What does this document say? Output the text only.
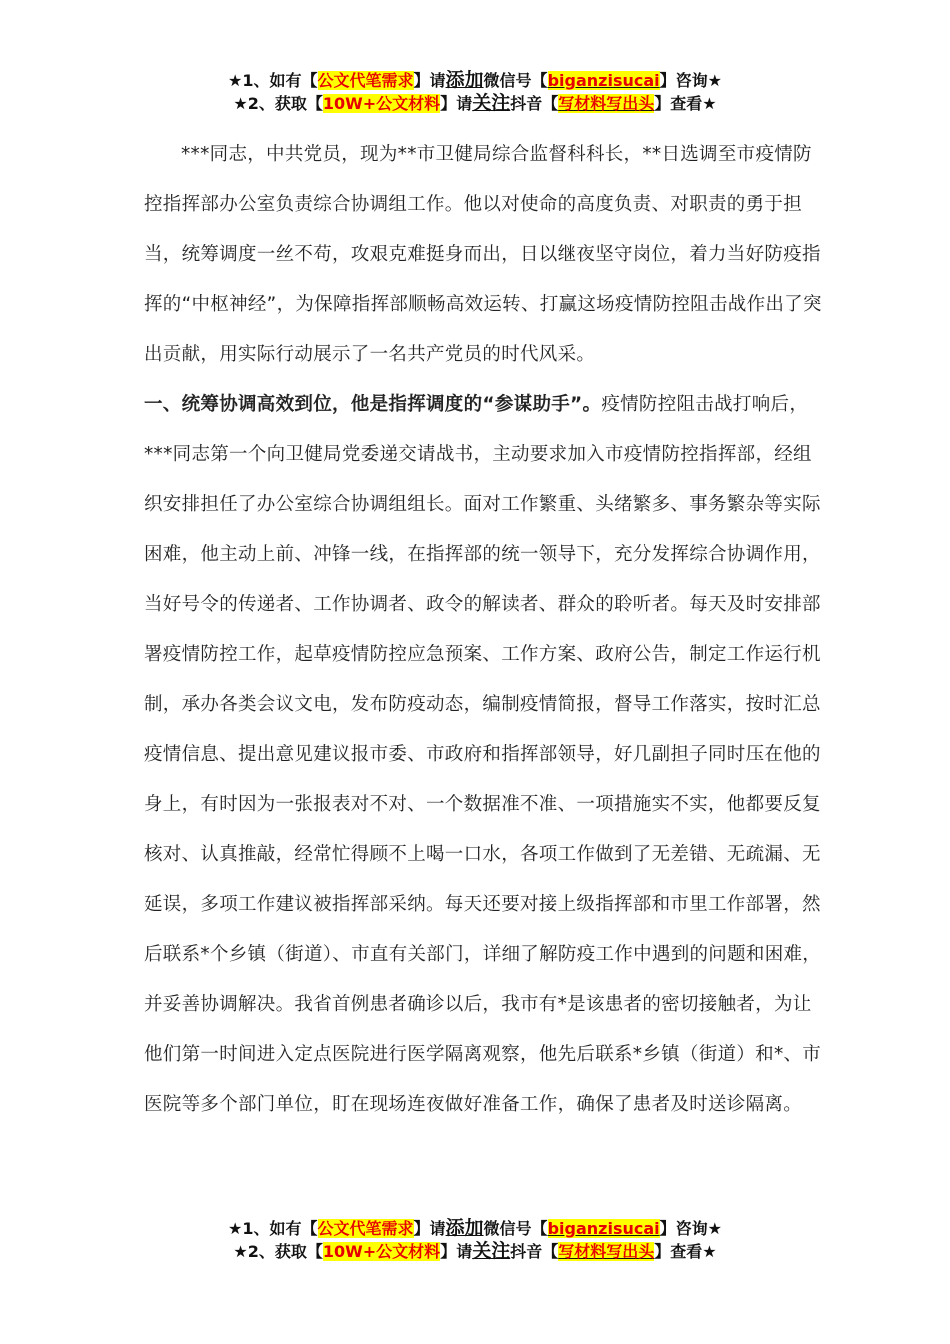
★1、如有【公文代笔需求】请添加微信号【biganzisucai】咨询★
★2、获取【10W+公文材料】请关注抖音【写材料写出头】查看★

***同志，中共党员，现为**市卫健局综合监督科科长，**日选调至市疫情防控指挥部办公室负责综合协调组工作。他以对使命的高度负责、对职责的勇于担当，统筹调度一丝不苟，攻艰克难挺身而出，日以继夜坚守岗位，着力当好防疫指挥的“中枢神经”，为保障指挥部顺畅高效运转、打赢这场疫情防控阻击战作出了突出贡献，用实际行动展示了一名共产党员的时代风采。

一、统筹协调高效到位，他是指挥调度的“参谋助手”。疫情防控阻击战打响后，***同志第一个向卫健局党委递交请战书，主动要求加入市疫情防控指挥部，经组织安排担任了办公室综合协调组组长。面对工作繁重、头绪繁多、事务繁杂等实际困难，他主动上前、冲锋一线，在指挥部的统一领导下，充分发挥综合协调作用，当好号令的传递者、工作协调者、政令的解读者、群众的聆听者。每天及时安排部署疫情防控工作，起草疫情防控应急预案、工作方案、政府公告，制定工作运行机制，承办各类会议文电，发布防疫动态，编制疫情简报，督导工作落实，按时汇总疫情信息、提出意见建议报市委、市政府和指挥部领导，好几副担子同时压在他的身上，有时因为一张报表对不对、一个数据准不准、一项措施实不实，他都要反复核对、认真推敲，经常忙得顾不上喝一口水，各项工作做到了无差错、无疏漏、无延误，多项工作建议被指挥部采纳。每天还要对接上级指挥部和市里工作部署，然后联系*个乡镇（街道）、市直有关部门，详细了解防疫工作中遇到的问题和困难，并妥善协调解决。我省首例患者确诊以后，我市有*是该患者的密切接触者，为让他们第一时间进入定点医院进行医学隔离观察，他先后联系*乡镇（街道）和*、市医院等多个部门单位，盯在现场连夜做好准备工作，确保了患者及时送诊隔离。

★1、如有【公文代笔需求】请添加微信号【biganzisucai】咨询★
★2、获取【10W+公文材料】请关注抖音【写材料写出头】查看★
